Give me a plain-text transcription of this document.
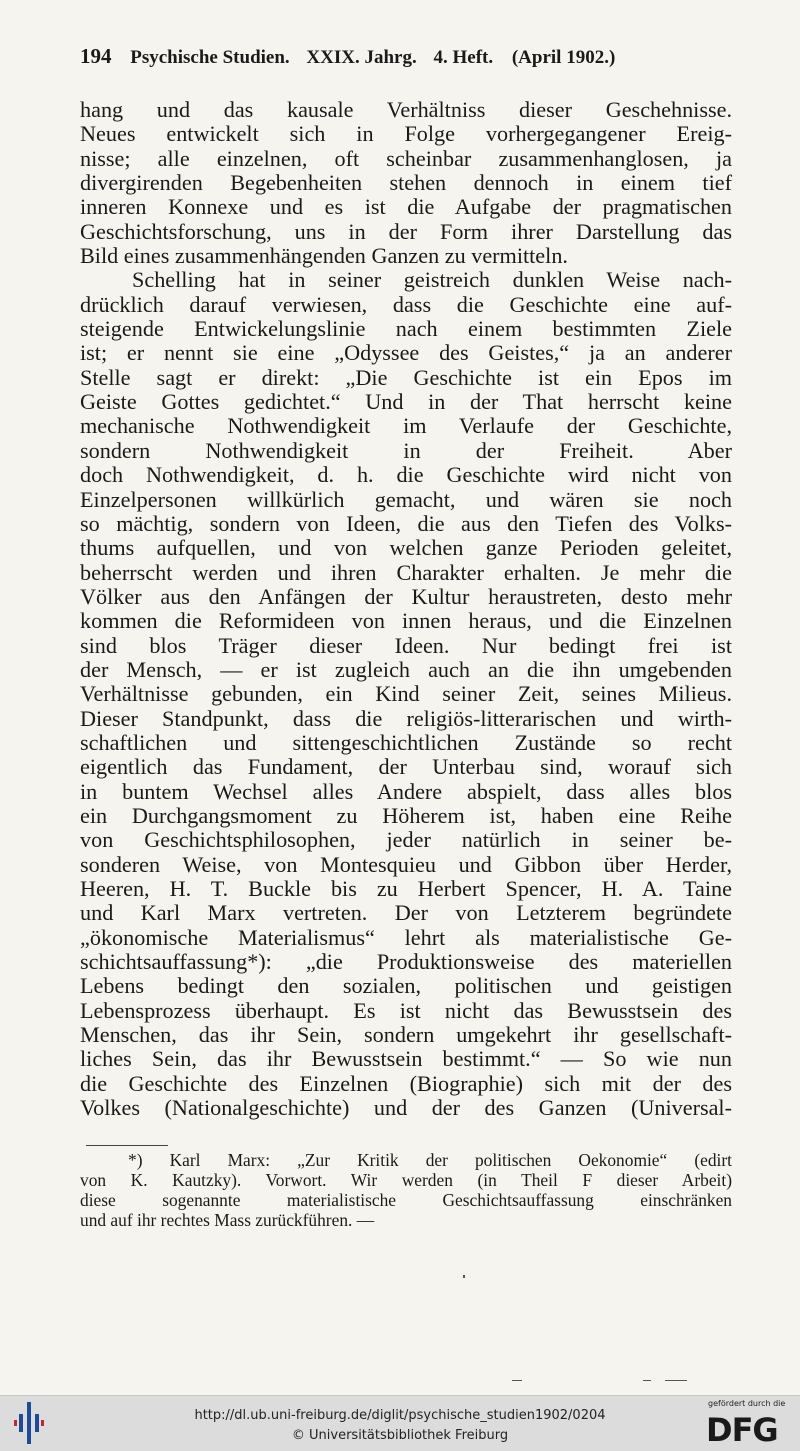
194 Psychische Studien. XXIX. Jahrg. 4. Heft. (April 1902.)
hang und das kausale Verhältniss dieser Geschehnisse.
Neues entwickelt sich in Folge vorhergegangener Ereig-
nisse; alle einzelnen, oft scheinbar zusammenhanglosen, ja
divergirenden Begebenheiten stehen dennoch in einem tief
inneren Konnexe und es ist die Aufgabe der pragmatischen
Geschichtsforschung, uns in der Form ihrer Darstellung das
Bild eines zusammenhängenden Ganzen zu vermitteln.
Schelling hat in seiner geistreich dunklen Weise nach-
drücklich darauf verwiesen, dass die Geschichte eine auf-
steigende Entwickelungslinie nach einem bestimmten Ziele
ist; er nennt sie eine „Odyssee des Geistes,“ ja an anderer
Stelle sagt er direkt: „Die Geschichte ist ein Epos im
Geiste Gottes gedichtet.“ Und in der That herrscht keine
mechanische Nothwendigkeit im Verlaufe der Geschichte,
sondern Nothwendigkeit in der Freiheit. Aber
doch Nothwendigkeit, d. h. die Geschichte wird nicht von
Einzelpersonen willkürlich gemacht, und wären sie noch
so mächtig, sondern von Ideen, die aus den Tiefen des Volks-
thums aufquellen, und von welchen ganze Perioden geleitet,
beherrscht werden und ihren Charakter erhalten. Je mehr die
Völker aus den Anfängen der Kultur heraustreten, desto mehr
kommen die Reformideen von innen heraus, und die Einzelnen
sind blos Träger dieser Ideen. Nur bedingt frei ist
der Mensch, — er ist zugleich auch an die ihn umgebenden
Verhältnisse gebunden, ein Kind seiner Zeit, seines Milieus.
Dieser Standpunkt, dass die religiös-litterarischen und wirth-
schaftlichen und sittengeschichtlichen Zustände so recht
eigentlich das Fundament, der Unterbau sind, worauf sich
in buntem Wechsel alles Andere abspielt, dass alles blos
ein Durchgangsmoment zu Höherem ist, haben eine Reihe
von Geschichtsphilosophen, jeder natürlich in seiner be-
sonderen Weise, von Montesquieu und Gibbon über Herder,
Heeren, H. T. Buckle bis zu Herbert Spencer, H. A. Taine
und Karl Marx vertreten. Der von Letzterem begründete
„ökonomische Materialismus“ lehrt als materialistische Ge-
schichtsauffassung*): „die Produktionsweise des materiellen
Lebens bedingt den sozialen, politischen und geistigen
Lebensprozess überhaupt. Es ist nicht das Bewusstsein des
Menschen, das ihr Sein, sondern umgekehrt ihr gesellschaft-
liches Sein, das ihr Bewusstsein bestimmt.“ — So wie nun
die Geschichte des Einzelnen (Biographie) sich mit der des
Volkes (Nationalgeschichte) und der des Ganzen (Universal-
*) Karl Marx: „Zur Kritik der politischen Oekonomie“ (edirt
von K. Kautzky). Vorwort. Wir werden (in Theil F dieser Arbeit)
diese sogenannte materialistische Geschichtsauffassung einschränken
und auf ihr rechtes Mass zurückführen. —
http://dl.ub.uni-freiburg.de/diglit/psychische_studien1902/0204
© Universitätsbibliothek Freiburg
gefördert durch die
DFG
